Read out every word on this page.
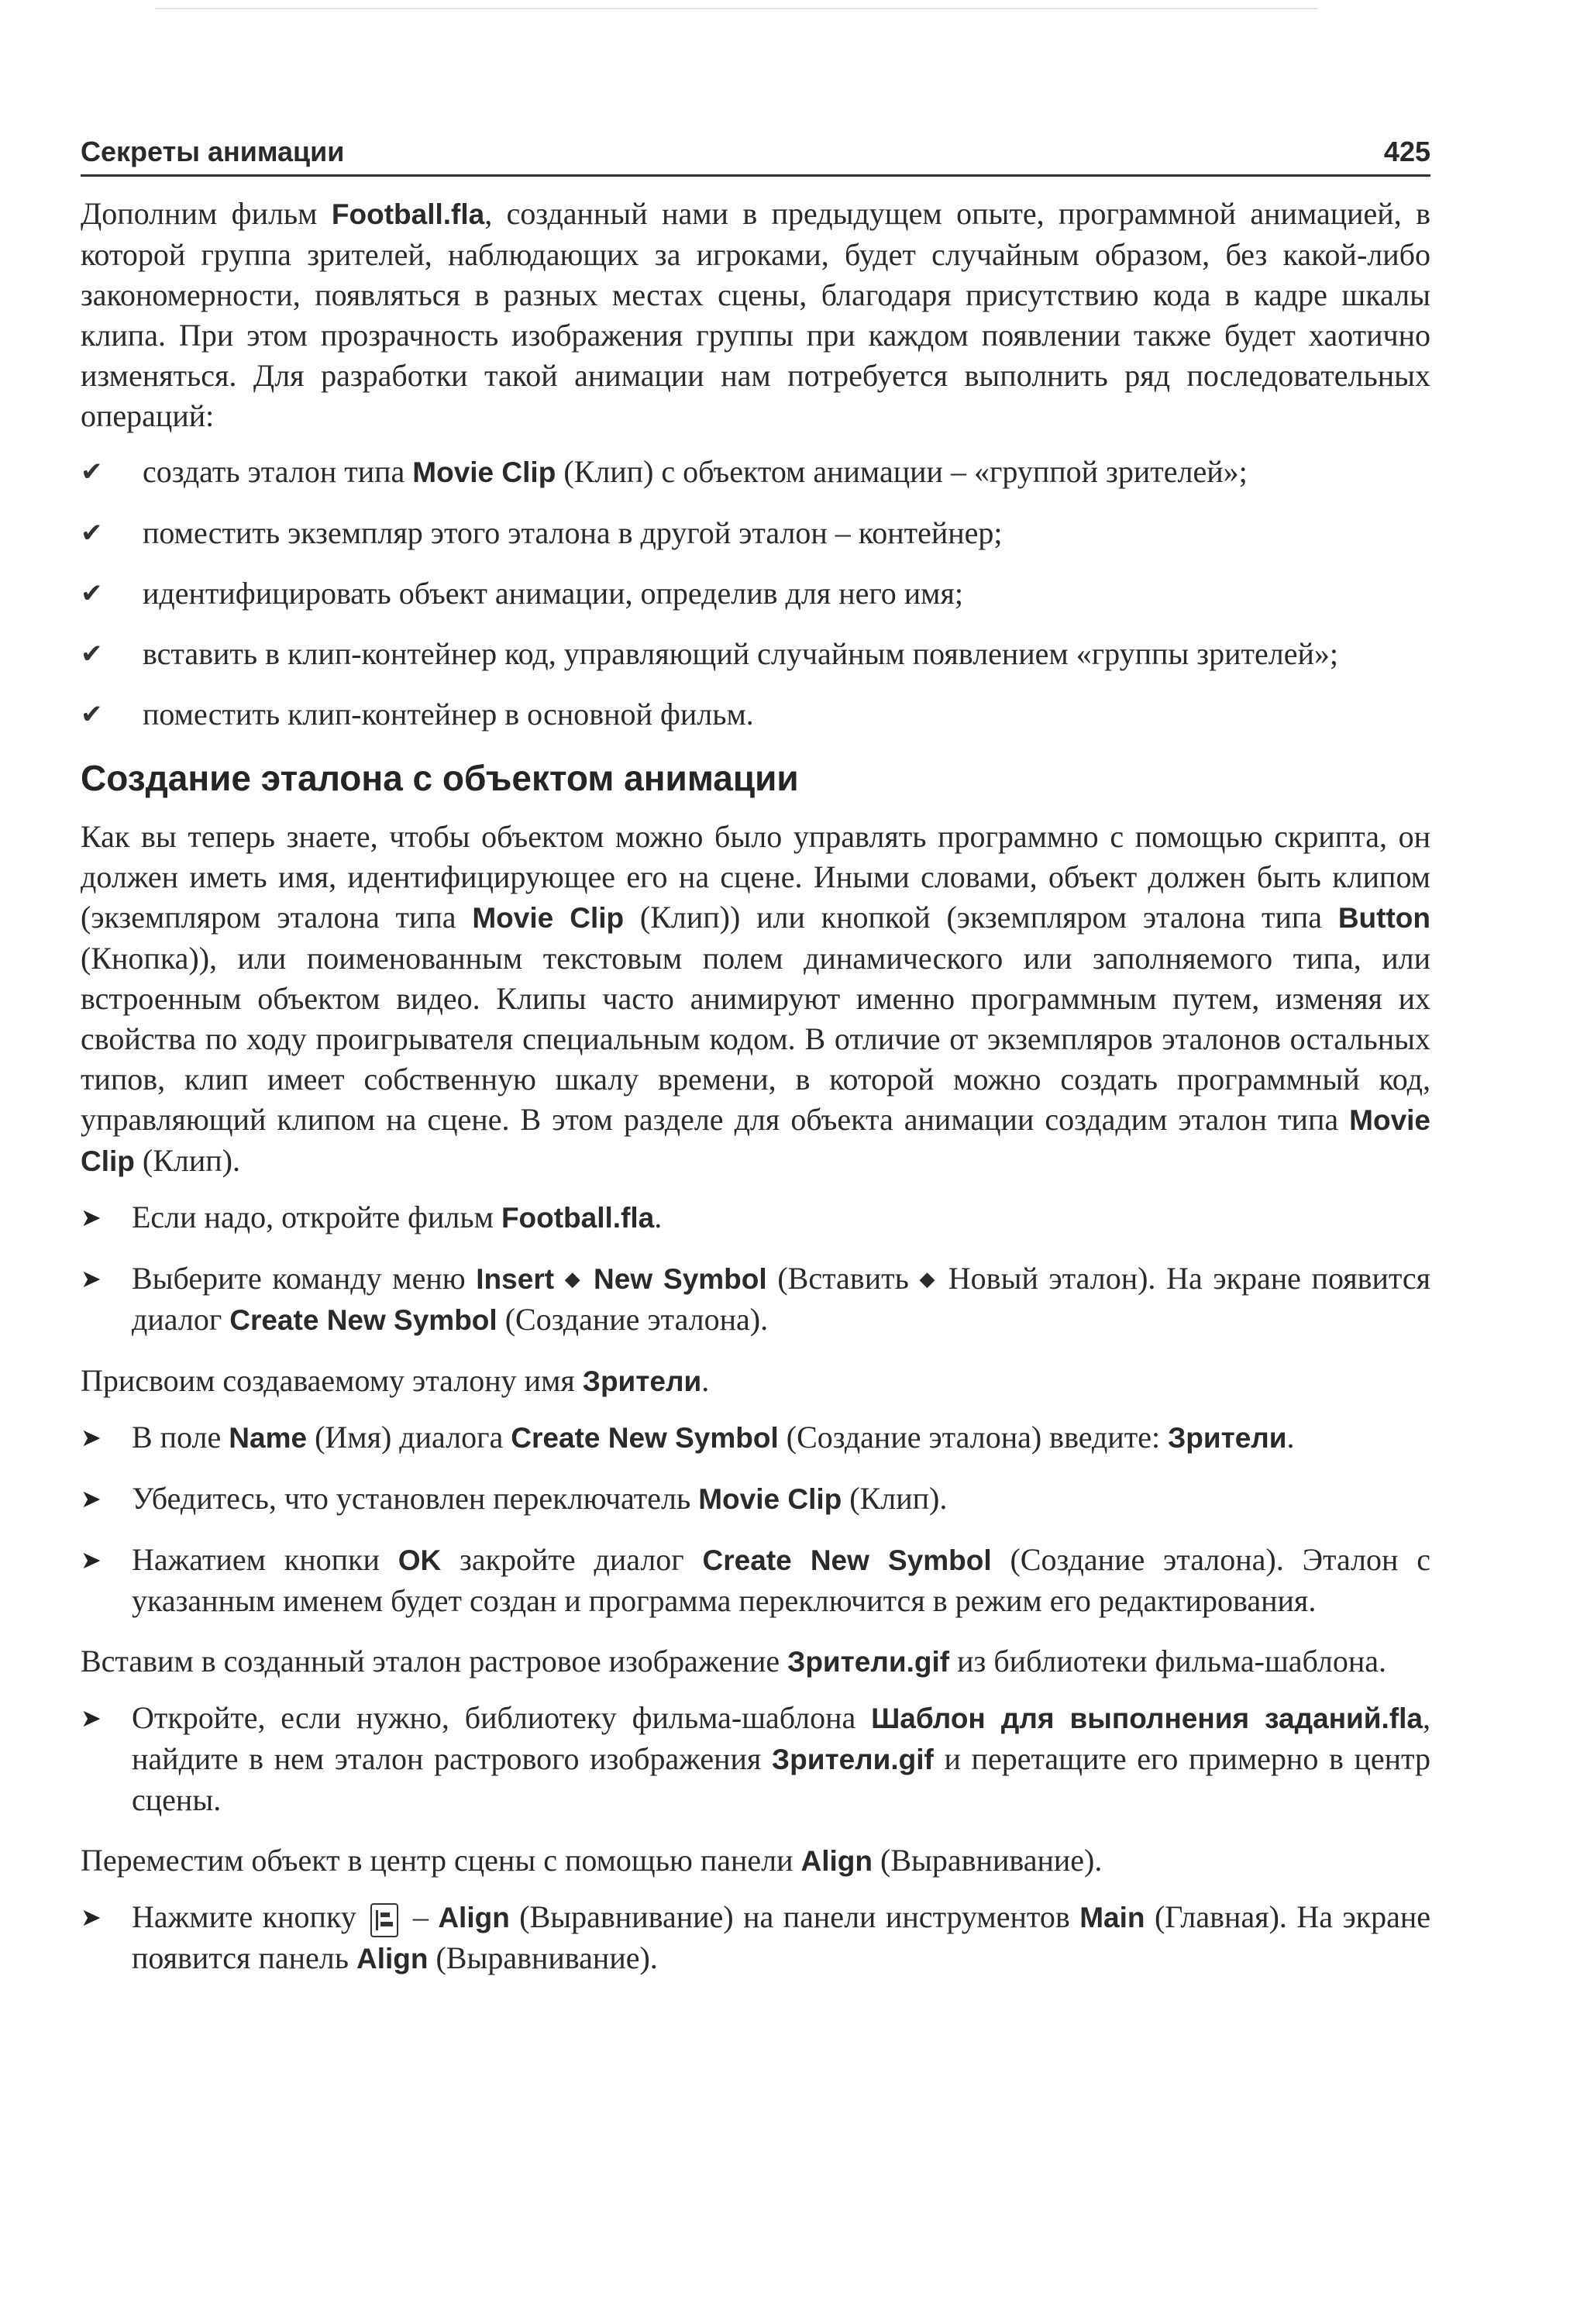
Секреты анимации	425

Дополним фильм Football.fla, созданный нами в предыдущем опыте, программной анимацией, в которой группа зрителей, наблюдающих за игроками, будет случайным образом, без какой-либо закономерности, появляться в разных местах сцены, благодаря присутствию кода в кадре шкалы клипа. При этом прозрачность изображения группы при каждом появлении также будет хаотично изменяться. Для разработки такой анимации нам потребуется выполнить ряд последовательных операций:

✔ создать эталон типа Movie Clip (Клип) с объектом анимации – «группой зрителей»;
✔ поместить экземпляр этого эталона в другой эталон – контейнер;
✔ идентифицировать объект анимации, определив для него имя;
✔ вставить в клип-контейнер код, управляющий случайным появлением «группы зрителей»;
✔ поместить клип-контейнер в основной фильм.

Создание эталона с объектом анимации

Как вы теперь знаете, чтобы объектом можно было управлять программно с помощью скрипта, он должен иметь имя, идентифицирующее его на сцене. Иными словами, объект должен быть клипом (экземпляром эталона типа Movie Clip (Клип)) или кнопкой (экземпляром эталона типа Button (Кнопка)), или поименованным текстовым полем динамического или заполняемого типа, или встроенным объектом видео. Клипы часто анимируют именно программным путем, изменяя их свойства по ходу проигрывателя специальным кодом. В отличие от экземпляров эталонов остальных типов, клип имеет собственную шкалу времени, в которой можно создать программный код, управляющий клипом на сцене. В этом разделе для объекта анимации создадим эталон типа Movie Clip (Клип).

➤ Если надо, откройте фильм Football.fla.
➤ Выберите команду меню Insert ◆ New Symbol (Вставить ◆ Новый эталон). На экране появится диалог Create New Symbol (Создание эталона).

Присвоим создаваемому эталону имя Зрители.

➤ В поле Name (Имя) диалога Create New Symbol (Создание эталона) введите: Зрители.
➤ Убедитесь, что установлен переключатель Movie Clip (Клип).
➤ Нажатием кнопки OK закройте диалог Create New Symbol (Создание эталона). Эталон с указанным именем будет создан и программа переключится в режим его редактирования.

Вставим в созданный эталон растровое изображение Зрители.gif из библиотеки фильма-шаблона.

➤ Откройте, если нужно, библиотеку фильма-шаблона Шаблон для выполнения заданий.fla, найдите в нем эталон растрового изображения Зрители.gif и перетащите его примерно в центр сцены.

Переместим объект в центр сцены с помощью панели Align (Выравнивание).

➤ Нажмите кнопку
– Align (Выравнивание) на панели инструментов Main (Главная). На экране появится панель Align (Выравнивание).
